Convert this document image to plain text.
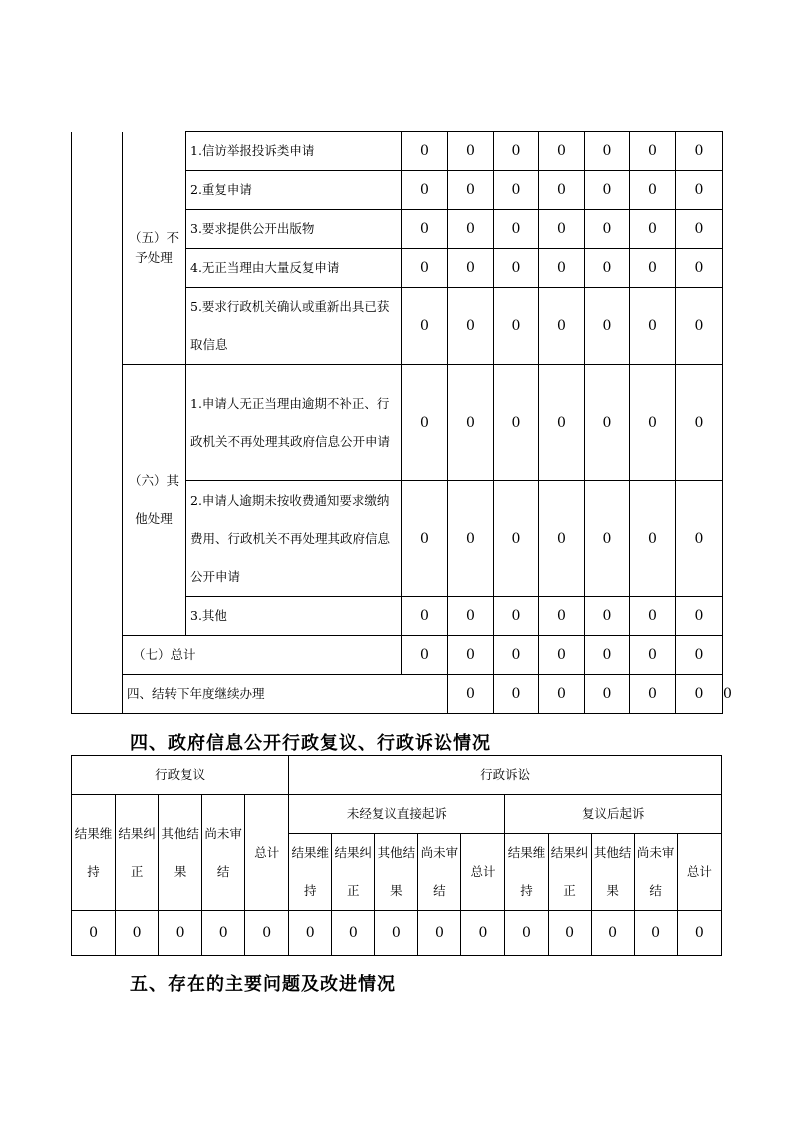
	（五）不予处理	1.信访举报投诉类申请	0	0	0	0	0	0	0	
		2.重复申请	0	0	0	0	0	0	0	
		3.要求提供公开出版物	0	0	0	0	0	0	0	
		4.无正当理由大量反复申请	0	0	0	0	0	0	0	
		5.要求行政机关确认或重新出具已获取信息	0	0	0	0	0	0	0	
	（六）其他处理	1.申请人无正当理由逾期不补正、行政机关不再处理其政府信息公开申请	0	0	0	0	0	0	0	
		2.申请人逾期未按收费通知要求缴纳费用、行政机关不再处理其政府信息公开申请	0	0	0	0	0	0	0	
		3.其他	0	0	0	0	0	0	0	
	（七）总计		0	0	0	0	0	0	0	
	四、结转下年度继续办理			0	0	0	0	0	0	0
四、政府信息公开行政复议、行政诉讼情况
行政复议					行政诉讼									
结果维持	结果纠正	其他结果	尚未审结	总计	未经复议直接起诉					复议后起诉				
					结果维持	结果纠正	其他结果	尚未审结	总计	结果维持	结果纠正	其他结果	尚未审结	总计
0	0	0	0	0	0	0	0	0	0	0	0	0	0	0
五、存在的主要问题及改进情况
